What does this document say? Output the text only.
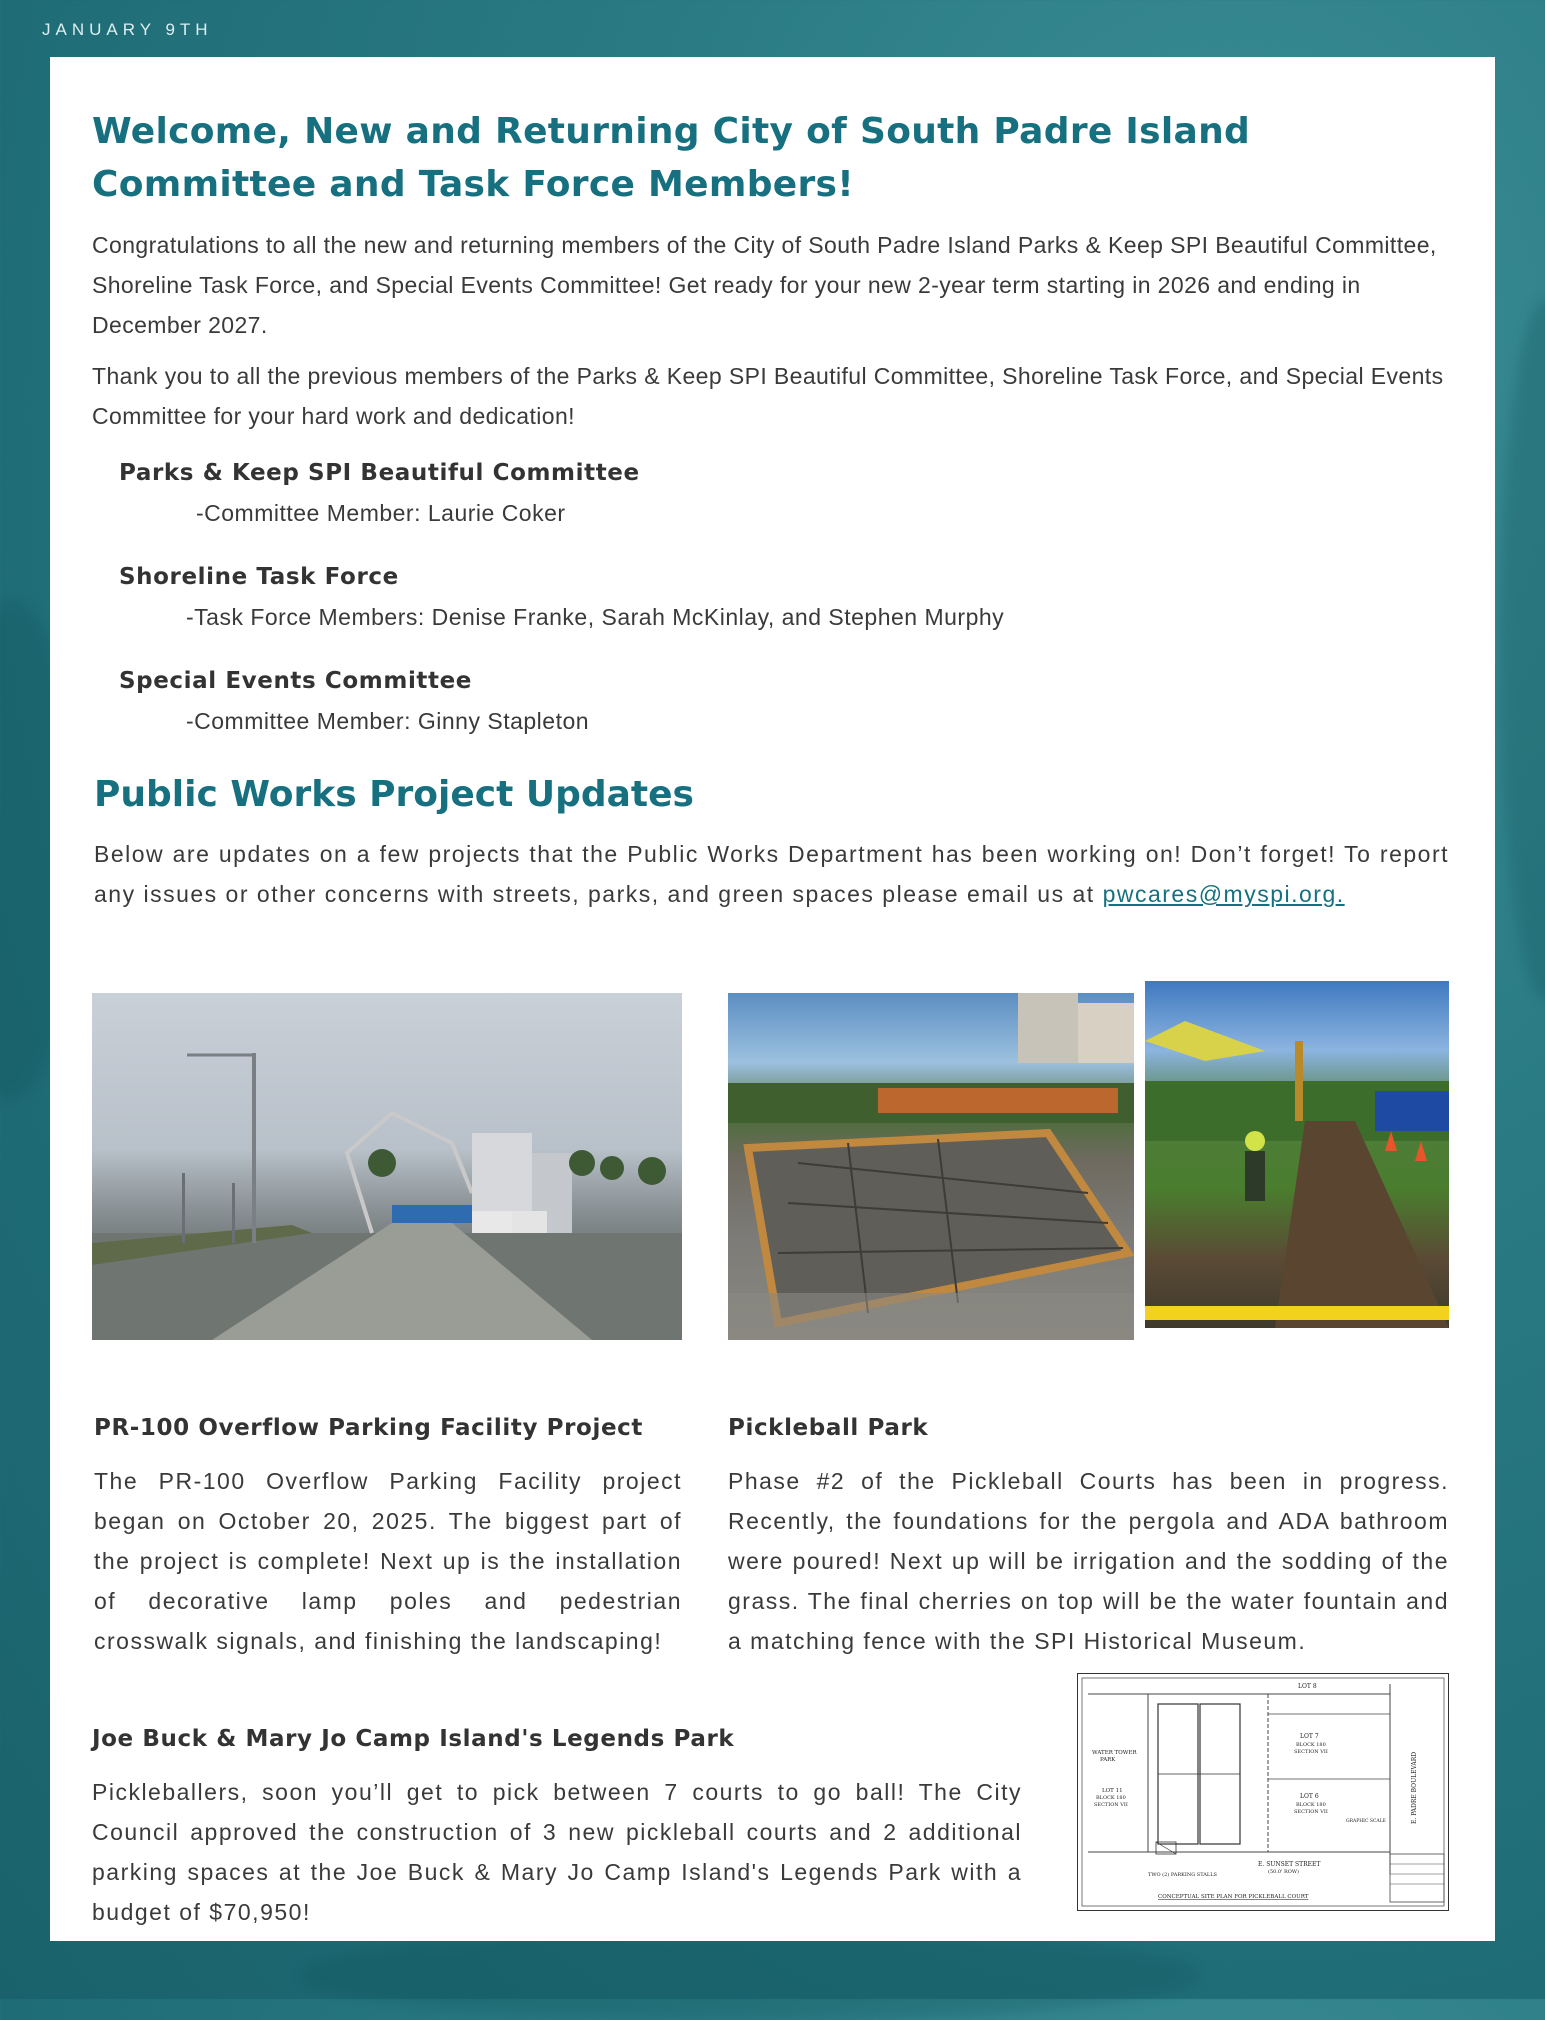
JANUARY 9TH
Welcome, New and Returning City of South Padre Island Committee and Task Force Members!

Congratulations to all the new and returning members of the City of South Padre Island Parks & Keep SPI Beautiful Committee, Shoreline Task Force, and Special Events Committee! Get ready for your new 2-year term starting in 2026 and ending in December 2027.

Thank you to all the previous members of the Parks & Keep SPI Beautiful Committee, Shoreline Task Force, and Special Events Committee for your hard work and dedication!

Parks & Keep SPI Beautiful Committee
-Committee Member: Laurie Coker
Shoreline Task Force
-Task Force Members: Denise Franke, Sarah McKinlay, and Stephen Murphy
Special Events Committee
-Committee Member: Ginny Stapleton
Public Works Project Updates

Below are updates on a few projects that the Public Works Department has been working on! Don’t forget! To report any issues or other concerns with streets, parks, and green spaces please email us at pwcares@myspi.org.

PR-100 Overflow Parking Facility Project

The PR-100 Overflow Parking Facility project began on October 20, 2025. The biggest part of the project is complete! Next up is the installation of decorative lamp poles and pedestrian crosswalk signals, and finishing the landscaping!

Pickleball Park

Phase #2 of the Pickleball Courts has been in progress. Recently, the foundations for the pergola and ADA bathroom were poured! Next up will be irrigation and the sodding of the grass. The final cherries on top will be the water fountain and a matching fence with the SPI Historical Museum.

Joe Buck & Mary Jo Camp Island's Legends Park

Pickleballers, soon you’ll get to pick between 7 courts to go ball! The City Council approved the construction of 3 new pickleball courts and 2 additional parking spaces at the Joe Buck & Mary Jo Camp Island's Legends Park with a budget of $70,950!

LOT 8
LOT 7
BLOCK 180
SECTION VII
LOT 6
BLOCK 180
SECTION VII
WATER TOWER
PARK
LOT 11
BLOCK 180
SECTION VII
E. SUNSET STREET
(50.0' ROW)
TWO (2) PARKING STALLS
CONCEPTUAL SITE PLAN FOR PICKLEBALL COURT
GRAPHIC SCALE	E. PADRE BOULEVARD
